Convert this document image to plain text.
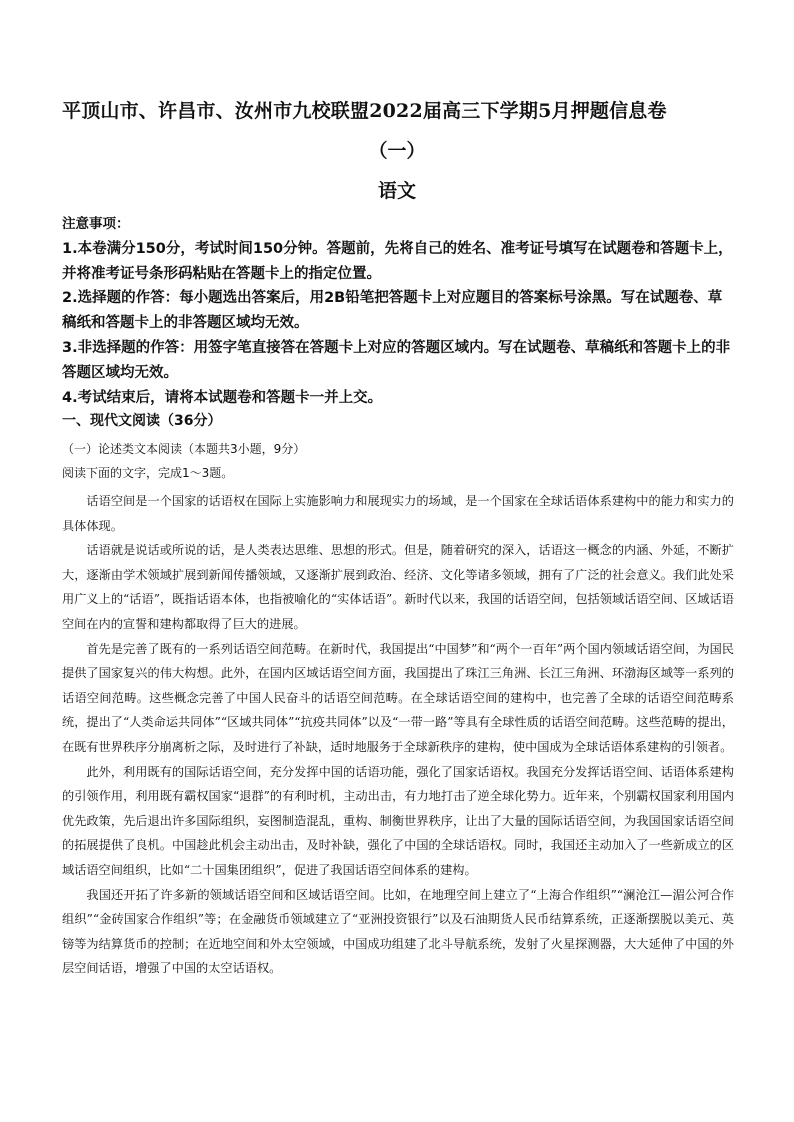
平顶山市、许昌市、汝州市九校联盟2022届高三下学期5月押题信息卷
（一）
语文

注意事项：

1.本卷满分150分，考试时间150分钟。答题前，先将自己的姓名、准考证号填写在试题卷和答题卡上，并将准考证号条形码粘贴在答题卡上的指定位置。

2.选择题的作答：每小题选出答案后，用2B铅笔把答题卡上对应题目的答案标号涂黑。写在试题卷、草稿纸和答题卡上的非答题区域均无效。

3.非选择题的作答：用签字笔直接答在答题卡上对应的答题区域内。写在试题卷、草稿纸和答题卡上的非答题区域均无效。

4.考试结束后，请将本试题卷和答题卡一并上交。

一、现代文阅读（36分）
（一）论述类文本阅读（本题共3小题，9分）
阅读下面的文字，完成1～3题。

话语空间是一个国家的话语权在国际上实施影响力和展现实力的场域，是一个国家在全球话语体系建构中的能力和实力的具体体现。

话语就是说话或所说的话，是人类表达思维、思想的形式。但是，随着研究的深入，话语这一概念的内涵、外延，不断扩大，逐渐由学术领域扩展到新闻传播领域，又逐渐扩展到政治、经济、文化等诸多领域，拥有了广泛的社会意义。我们此处采用广义上的“话语”，既指话语本体，也指被喻化的“实体话语”。新时代以来，我国的话语空间，包括领域话语空间、区域话语空间在内的宣誓和建构都取得了巨大的进展。

首先是完善了既有的一系列话语空间范畴。在新时代，我国提出“中国梦”和“两个一百年”两个国内领域话语空间，为国民提供了国家复兴的伟大构想。此外，在国内区域话语空间方面，我国提出了珠江三角洲、长江三角洲、环渤海区域等一系列的话语空间范畴。这些概念完善了中国人民奋斗的话语空间范畴。在全球话语空间的建构中，也完善了全球的话语空间范畴系统，提出了“人类命运共同体”“区域共同体”“抗疫共同体”以及“一带一路”等具有全球性质的话语空间范畴。这些范畴的提出，在既有世界秩序分崩离析之际，及时进行了补缺，适时地服务于全球新秩序的建构，使中国成为全球话语体系建构的引领者。

此外，利用既有的国际话语空间，充分发挥中国的话语功能，强化了国家话语权。我国充分发挥话语空间、话语体系建构的引领作用，利用既有霸权国家“退群”的有利时机，主动出击，有力地打击了逆全球化势力。近年来，个别霸权国家利用国内优先政策，先后退出许多国际组织，妄图制造混乱，重构、制衡世界秩序，让出了大量的国际话语空间，为我国国家话语空间的拓展提供了良机。中国趁此机会主动出击，及时补缺，强化了中国的全球话语权。同时，我国还主动加入了一些新成立的区域话语空间组织，比如“二十国集团组织”，促进了我国话语空间体系的建构。

我国还开拓了许多新的领域话语空间和区域话语空间。比如，在地理空间上建立了“上海合作组织”“澜沧江—湄公河合作组织”“金砖国家合作组织”等；在金融货币领域建立了“亚洲投资银行”以及石油期货人民币结算系统，正逐渐摆脱以美元、英镑等为结算货币的控制；在近地空间和外太空领域，中国成功组建了北斗导航系统，发射了火星探测器，大大延伸了中国的外层空间话语，增强了中国的太空话语权。
